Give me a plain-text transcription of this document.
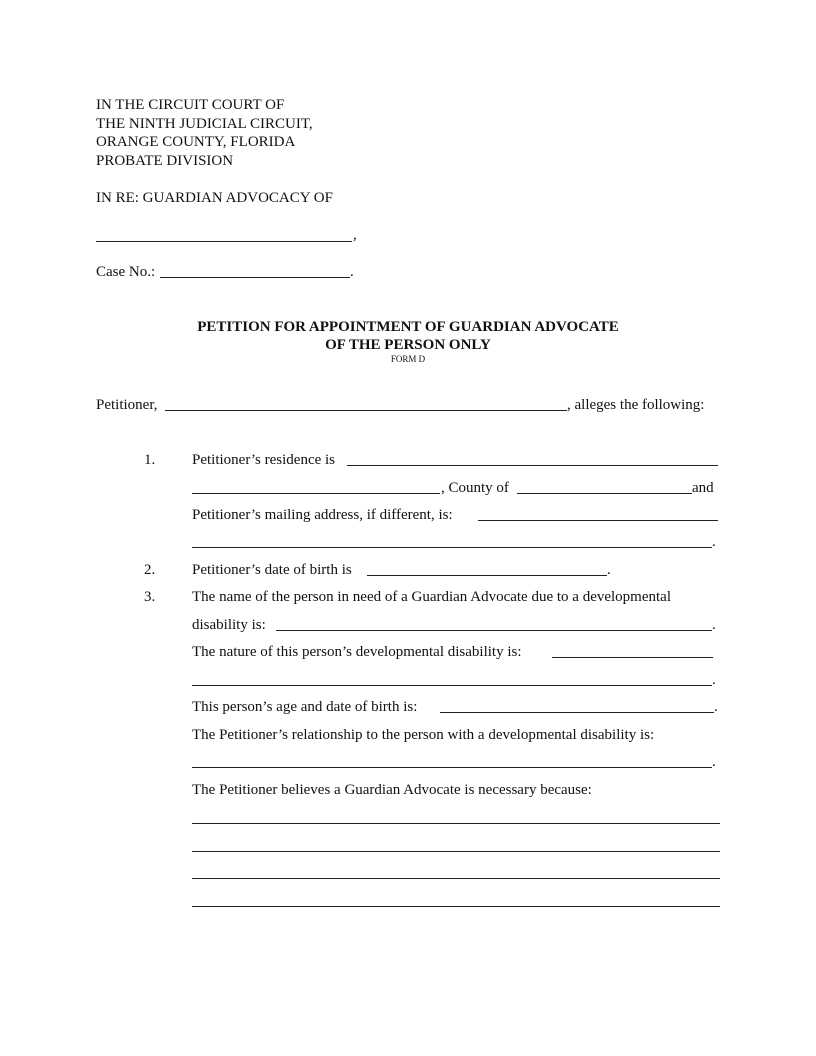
IN THE CIRCUIT COURT OF
THE NINTH JUDICIAL CIRCUIT,
ORANGE COUNTY, FLORIDA
PROBATE DIVISION
IN RE: GUARDIAN ADVOCACY OF
,
Case No.:	.
PETITION FOR APPOINTMENT OF GUARDIAN ADVOCATE
OF THE PERSON ONLY
FORM D
Petitioner,	, alleges the following:
1. Petitioner’s residence is
, County of	and
Petitioner’s mailing address, if different, is:
.
2. Petitioner’s date of birth is	.
3. The name of the person in need of a Guardian Advocate due to a developmental
disability is:	.
The nature of this person’s developmental disability is:
.
This person’s age and date of birth is:	.
The Petitioner’s relationship to the person with a developmental disability is:
.
The Petitioner believes a Guardian Advocate is necessary because:
